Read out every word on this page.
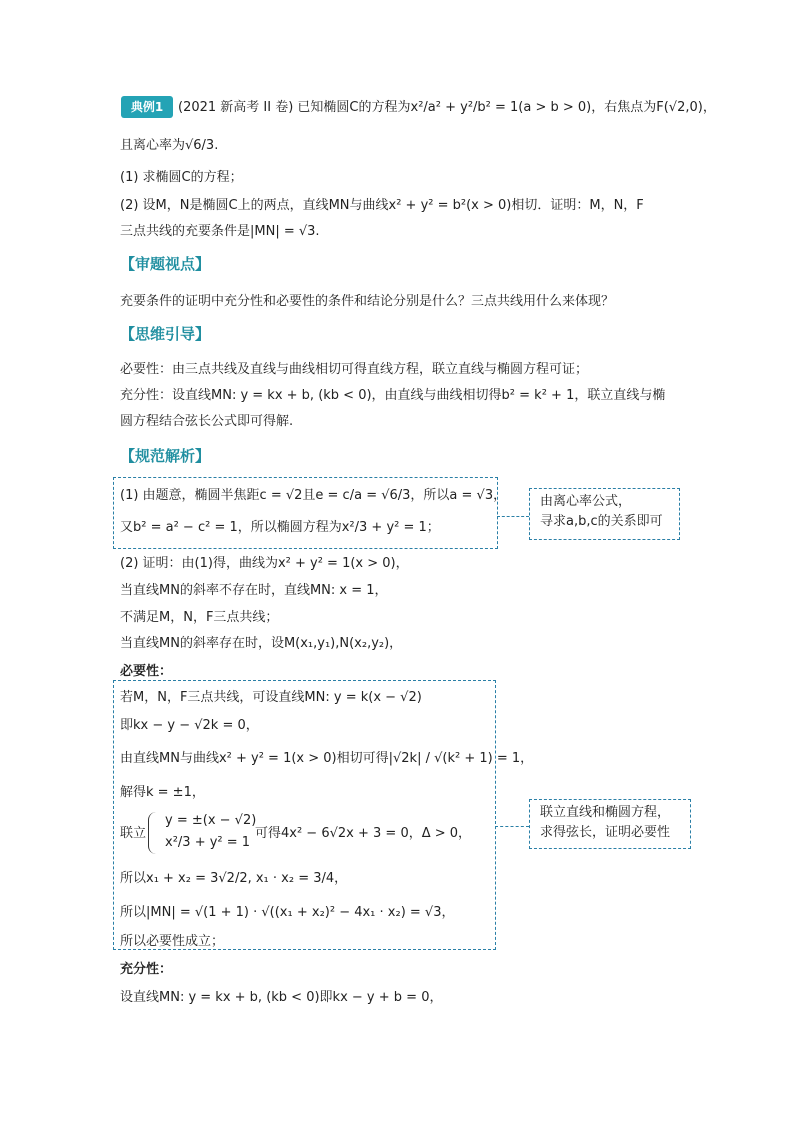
典例1	(2021 新高考 II 卷) 已知椭圆C的方程为x²/a² + y²/b² = 1(a > b > 0)，右焦点为F(√2,0)，
且离心率为√6/3.
(1) 求椭圆C的方程；
(2) 设M，N是椭圆C上的两点，直线MN与曲线x² + y² = b²(x > 0)相切．证明：M，N，F
三点共线的充要条件是|MN| = √3.
【审题视点】
充要条件的证明中充分性和必要性的条件和结论分别是什么？三点共线用什么来体现？
【思维引导】
必要性：由三点共线及直线与曲线相切可得直线方程，联立直线与椭圆方程可证；
充分性：设直线MN: y = kx + b, (kb < 0)，由直线与曲线相切得b² = k² + 1，联立直线与椭
圆方程结合弦长公式即可得解.
【规范解析】
(1) 由题意，椭圆半焦距c = √2且e = c/a = √6/3，所以a = √3，
又b² = a² − c² = 1，所以椭圆方程为x²/3 + y² = 1；
由离心率公式，
寻求a,b,c的关系即可
(2) 证明：由(1)得，曲线为x² + y² = 1(x > 0)，
当直线MN的斜率不存在时，直线MN: x = 1，
不满足M，N，F三点共线；
当直线MN的斜率存在时，设M(x₁,y₁),N(x₂,y₂)，
必要性：
若M，N，F三点共线，可设直线MN: y = k(x − √2)
即kx − y − √2k = 0，
由直线MN与曲线x² + y² = 1(x > 0)相切可得|√2k| / √(k² + 1) = 1，
解得k = ±1，
联立
y = ±(x − √2)
x²/3 + y² = 1
可得4x² − 6√2x + 3 = 0，Δ > 0，
所以x₁ + x₂ = 3√2/2, x₁ · x₂ = 3/4，
所以|MN| = √(1 + 1) · √((x₁ + x₂)² − 4x₁ · x₂) = √3，
所以必要性成立；
联立直线和椭圆方程，
求得弦长，证明必要性
充分性：
设直线MN: y = kx + b, (kb < 0)即kx − y + b = 0，
